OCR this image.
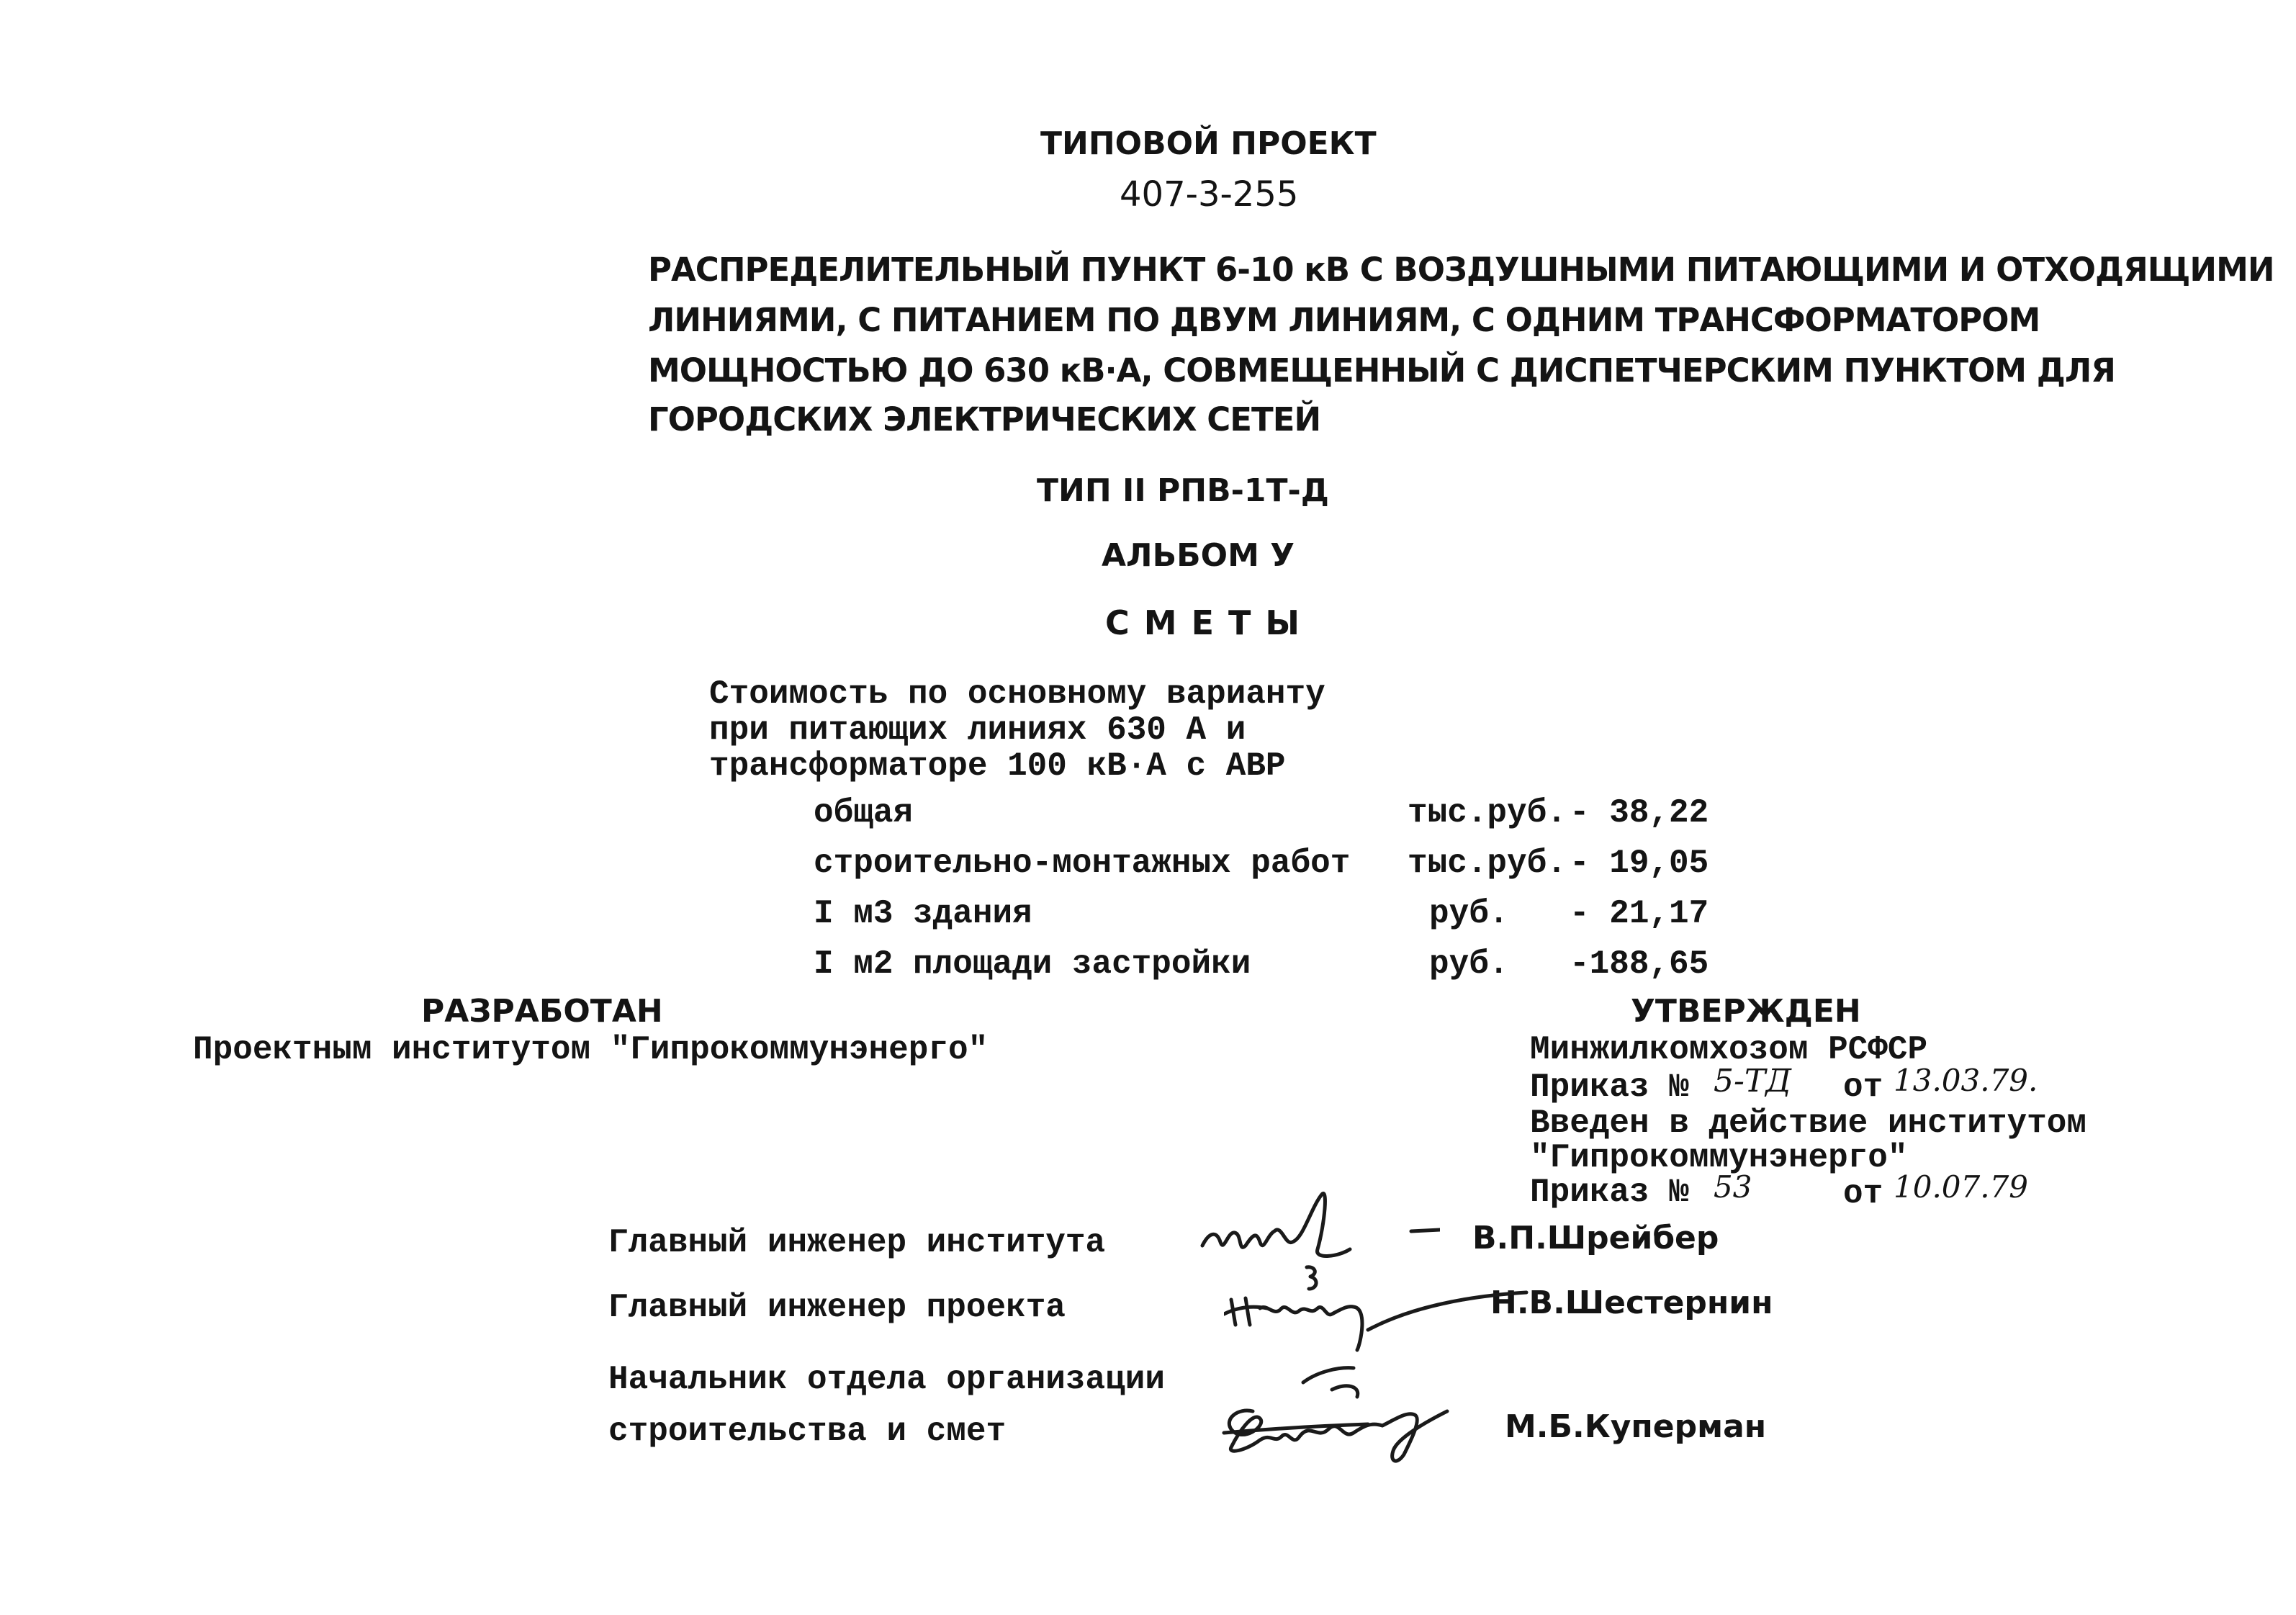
ТИПОВОЙ ПРОЕКТ
407-3-255
РАСПРЕДЕЛИТЕЛЬНЫЙ ПУНКТ 6-10 кВ С ВОЗДУШНЫМИ ПИТАЮЩИМИ И ОТХОДЯЩИМИ
ЛИНИЯМИ, С ПИТАНИЕМ ПО ДВУМ ЛИНИЯМ, С ОДНИМ ТРАНСФОРМАТОРОМ
МОЩНОСТЬЮ ДО 630 кВ·А, СОВМЕЩЕННЫЙ С ДИСПЕТЧЕРСКИМ ПУНКТОМ ДЛЯ
ГОРОДСКИХ ЭЛЕКТРИЧЕСКИХ СЕТЕЙ
ТИП II РПВ-1Т-Д
АЛЬБОМ У
С М Е Т Ы
Стоимость по основному варианту
при питающих линиях 630 А и
трансформаторе 100 кВ·А с АВР
общая	тыс.руб. - 38,22
строительно-монтажных работ тыс.руб. - 19,05
I м3 здания	руб. - 21,17
I м2 площади застройки	руб. -188,65
РАЗРАБОТАН
Проектным институтом "Гипрокоммунэнерго"
УТВЕРЖДЕН
Минжилкомхозом РСФСР
Приказ № 5-ТД от 13.03.79.
Введен в действие институтом
"Гипрокоммунэнерго"
Приказ № 53	от 10.07.79
Главный инженер института	В.П.Шрейбер
Главный инженер проекта	Н.В.Шестернин
Начальник отдела организации
строительства и смет	М.Б.Куперман
